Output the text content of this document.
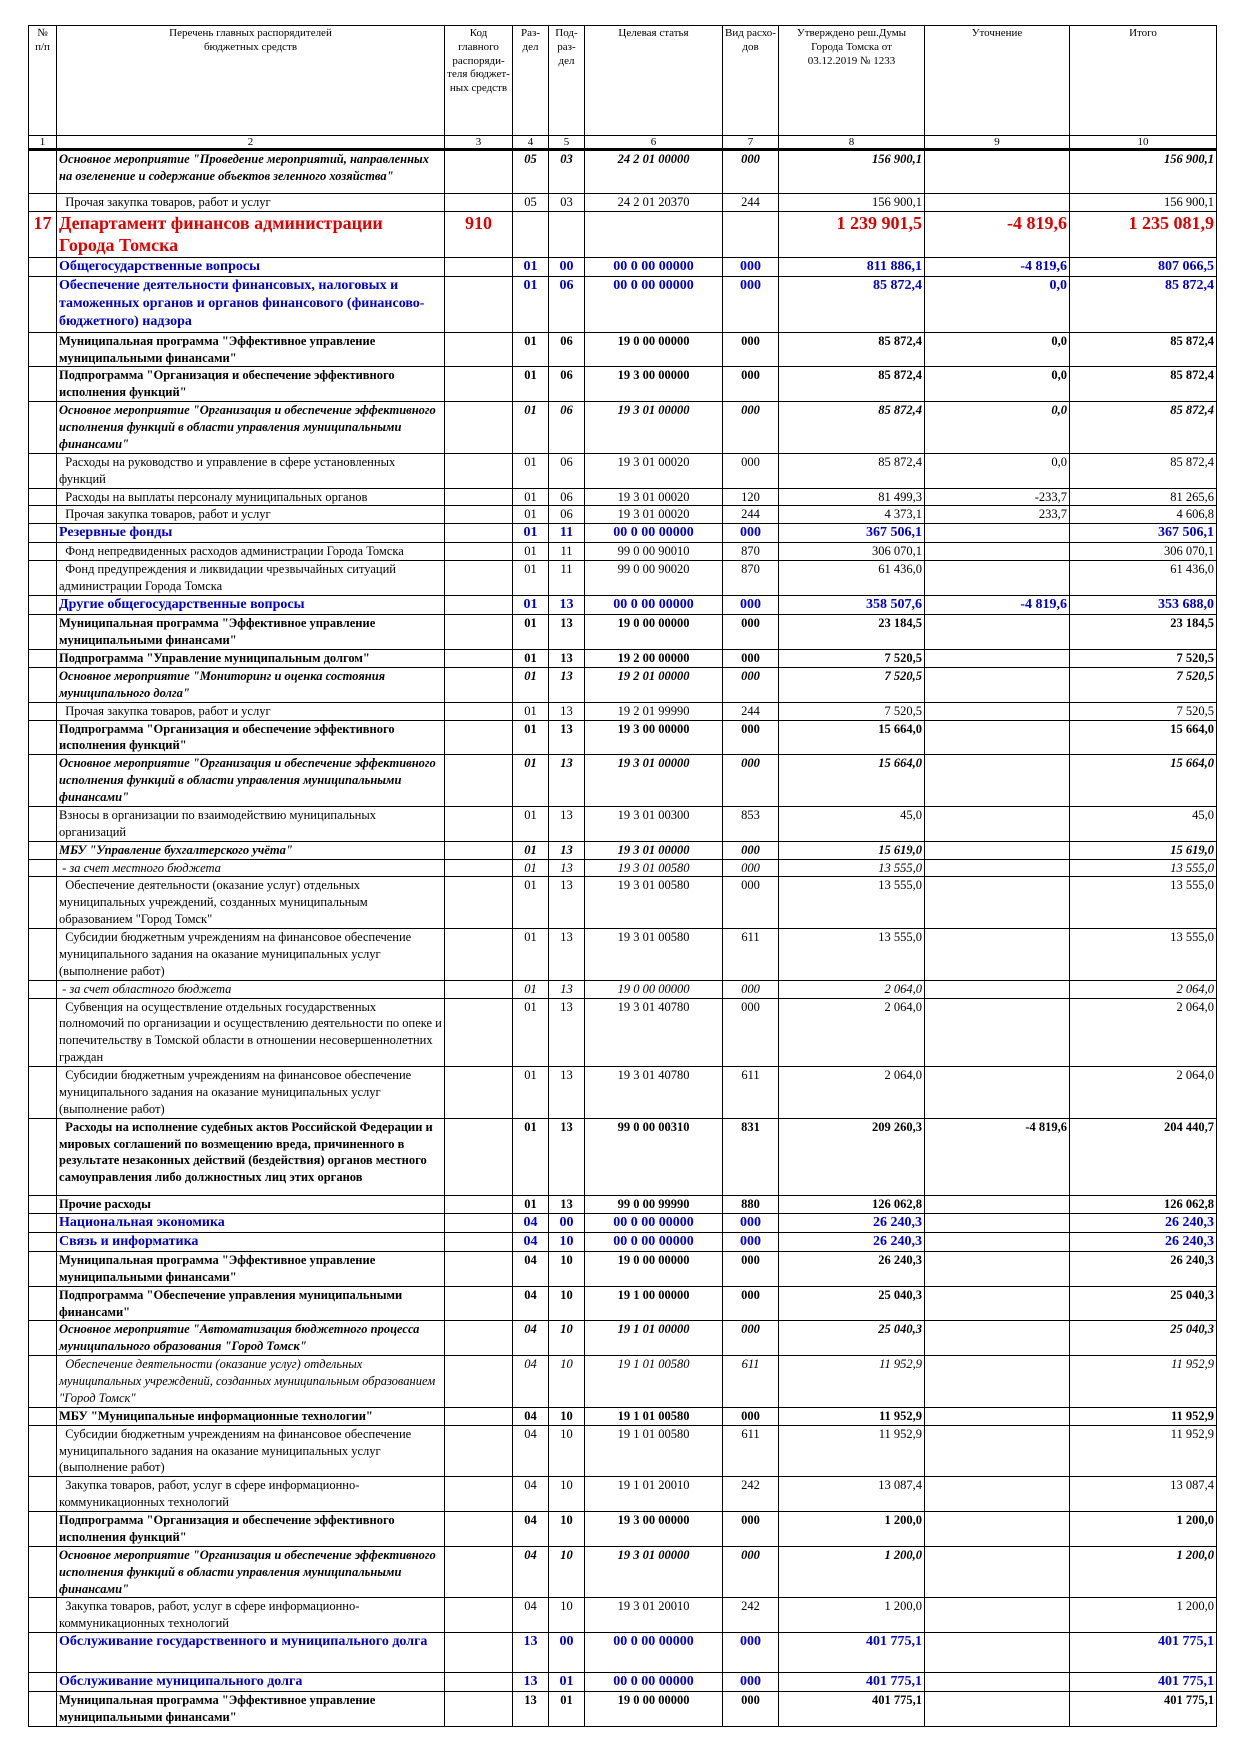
№
п/п	Перечень главных распорядителей
бюджетных средств	Код
главного
распоряди-
теля бюджет-
ных средств	Раз-
дел	Под-
раз-
дел	Целевая статья	Вид расхо-
дов	Утверждено реш.Думы
Города Томска от
03.12.2019 № 1233	Уточнение	Итого
1	2	3	4	5	6	7	8	9	10
	Основное мероприятие "Проведение мероприятий, направленных на озеленение и содержание объектов зеленного хозяйства"		05	03	24 2 01 00000	000	156 900,1		156 900,1
	Прочая закупка товаров, работ и услуг		05	03	24 2 01 20370	244	156 900,1		156 900,1
17	Департамент финансов администрации Города Томска	910					1 239 901,5	-4 819,6	1 235 081,9
	Общегосударственные вопросы		01	00	00 0 00 00000	000	811 886,1	-4 819,6	807 066,5
	Обеспечение деятельности финансовых, налоговых и таможенных органов и органов финансового (финансово-бюджетного) надзора		01	06	00 0 00 00000	000	85 872,4	0,0	85 872,4
	Муниципальная программа "Эффективное управление муниципальными финансами"		01	06	19 0 00 00000	000	85 872,4	0,0	85 872,4
	Подпрограмма "Организация и обеспечение эффективного исполнения функций"		01	06	19 3 00 00000	000	85 872,4	0,0	85 872,4
	Основное мероприятие "Организация и обеспечение эффективного исполнения функций в области управления муниципальными финансами"		01	06	19 3 01 00000	000	85 872,4	0,0	85 872,4
	Расходы на руководство и управление в сфере установленных функций		01	06	19 3 01 00020	000	85 872,4	0,0	85 872,4
	Расходы на выплаты персоналу муниципальных органов		01	06	19 3 01 00020	120	81 499,3	-233,7	81 265,6
	Прочая закупка товаров, работ и услуг		01	06	19 3 01 00020	244	4 373,1	233,7	4 606,8
	Резервные фонды		01	11	00 0 00 00000	000	367 506,1		367 506,1
	Фонд непредвиденных расходов администрации Города Томска		01	11	99 0 00 90010	870	306 070,1		306 070,1
	Фонд предупреждения и ликвидации чрезвычайных ситуаций администрации Города Томска		01	11	99 0 00 90020	870	61 436,0		61 436,0
	Другие общегосударственные вопросы		01	13	00 0 00 00000	000	358 507,6	-4 819,6	353 688,0
	Муниципальная программа "Эффективное управление муниципальными финансами"		01	13	19 0 00 00000	000	23 184,5		23 184,5
	Подпрограмма "Управление муниципальным долгом"		01	13	19 2 00 00000	000	7 520,5		7 520,5
	Основное мероприятие "Мониторинг и оценка состояния муниципального долга"		01	13	19 2 01 00000	000	7 520,5		7 520,5
	Прочая закупка товаров, работ и услуг		01	13	19 2 01 99990	244	7 520,5		7 520,5
	Подпрограмма "Организация и обеспечение эффективного исполнения функций"		01	13	19 3 00 00000	000	15 664,0		15 664,0
	Основное мероприятие "Организация и обеспечение эффективного исполнения функций в области управления муниципальными финансами"		01	13	19 3 01 00000	000	15 664,0		15 664,0
	Взносы в организации по взаимодействию муниципальных организаций		01	13	19 3 01 00300	853	45,0		45,0
	МБУ "Управление бухгалтерского учёта"		01	13	19 3 01 00000	000	15 619,0		15 619,0
	- за счет местного бюджета		01	13	19 3 01 00580	000	13 555,0		13 555,0
	Обеспечение деятельности (оказание услуг) отдельных муниципальных учреждений, созданных муниципальным образованием "Город Томск"		01	13	19 3 01 00580	000	13 555,0		13 555,0
	Субсидии бюджетным учреждениям на финансовое обеспечение муниципального задания на оказание муниципальных услуг (выполнение работ)		01	13	19 3 01 00580	611	13 555,0		13 555,0
	- за счет областного бюджета		01	13	19 0 00 00000	000	2 064,0		2 064,0
	Субвенция на осуществление отдельных государственных полномочий по организации и осуществлению деятельности по опеке и попечительству в Томской области в отношении несовершеннолетних граждан		01	13	19 3 01 40780	000	2 064,0		2 064,0
	Субсидии бюджетным учреждениям на финансовое обеспечение муниципального задания на оказание муниципальных услуг (выполнение работ)		01	13	19 3 01 40780	611	2 064,0		2 064,0
	Расходы на исполнение судебных актов Российской Федерации и мировых соглашений по возмещению вреда, причиненного в результате незаконных действий (бездействия) органов местного самоуправления либо должностных лиц этих органов		01	13	99 0 00 00310	831	209 260,3	-4 819,6	204 440,7
	Прочие расходы		01	13	99 0 00 99990	880	126 062,8		126 062,8
	Национальная экономика		04	00	00 0 00 00000	000	26 240,3		26 240,3
	Связь и информатика		04	10	00 0 00 00000	000	26 240,3		26 240,3
	Муниципальная программа "Эффективное управление муниципальными финансами"		04	10	19 0 00 00000	000	26 240,3		26 240,3
	Подпрограмма "Обеспечение управления муниципальными финансами"		04	10	19 1 00 00000	000	25 040,3		25 040,3
	Основное мероприятие "Автоматизация бюджетного процесса муниципального образования "Город Томск"		04	10	19 1 01 00000	000	25 040,3		25 040,3
	Обеспечение деятельности (оказание услуг) отдельных муниципальных учреждений, созданных муниципальным образованием "Город Томск"		04	10	19 1 01 00580	611	11 952,9		11 952,9
	МБУ "Муниципальные информационные технологии"		04	10	19 1 01 00580	000	11 952,9		11 952,9
	Субсидии бюджетным учреждениям на финансовое обеспечение муниципального задания на оказание муниципальных услуг (выполнение работ)		04	10	19 1 01 00580	611	11 952,9		11 952,9
	Закупка товаров, работ, услуг в сфере информационно-коммуникационных технологий		04	10	19 1 01 20010	242	13 087,4		13 087,4
	Подпрограмма "Организация и обеспечение эффективного исполнения функций"		04	10	19 3 00 00000	000	1 200,0		1 200,0
	Основное мероприятие "Организация и обеспечение эффективного исполнения функций в области управления муниципальными финансами"		04	10	19 3 01 00000	000	1 200,0		1 200,0
	Закупка товаров, работ, услуг в сфере информационно-коммуникационных технологий		04	10	19 3 01 20010	242	1 200,0		1 200,0
	Обслуживание государственного и муниципального долга		13	00	00 0 00 00000	000	401 775,1		401 775,1
	Обслуживание муниципального долга		13	01	00 0 00 00000	000	401 775,1		401 775,1
	Муниципальная программа "Эффективное управление муниципальными финансами"		13	01	19 0 00 00000	000	401 775,1		401 775,1
